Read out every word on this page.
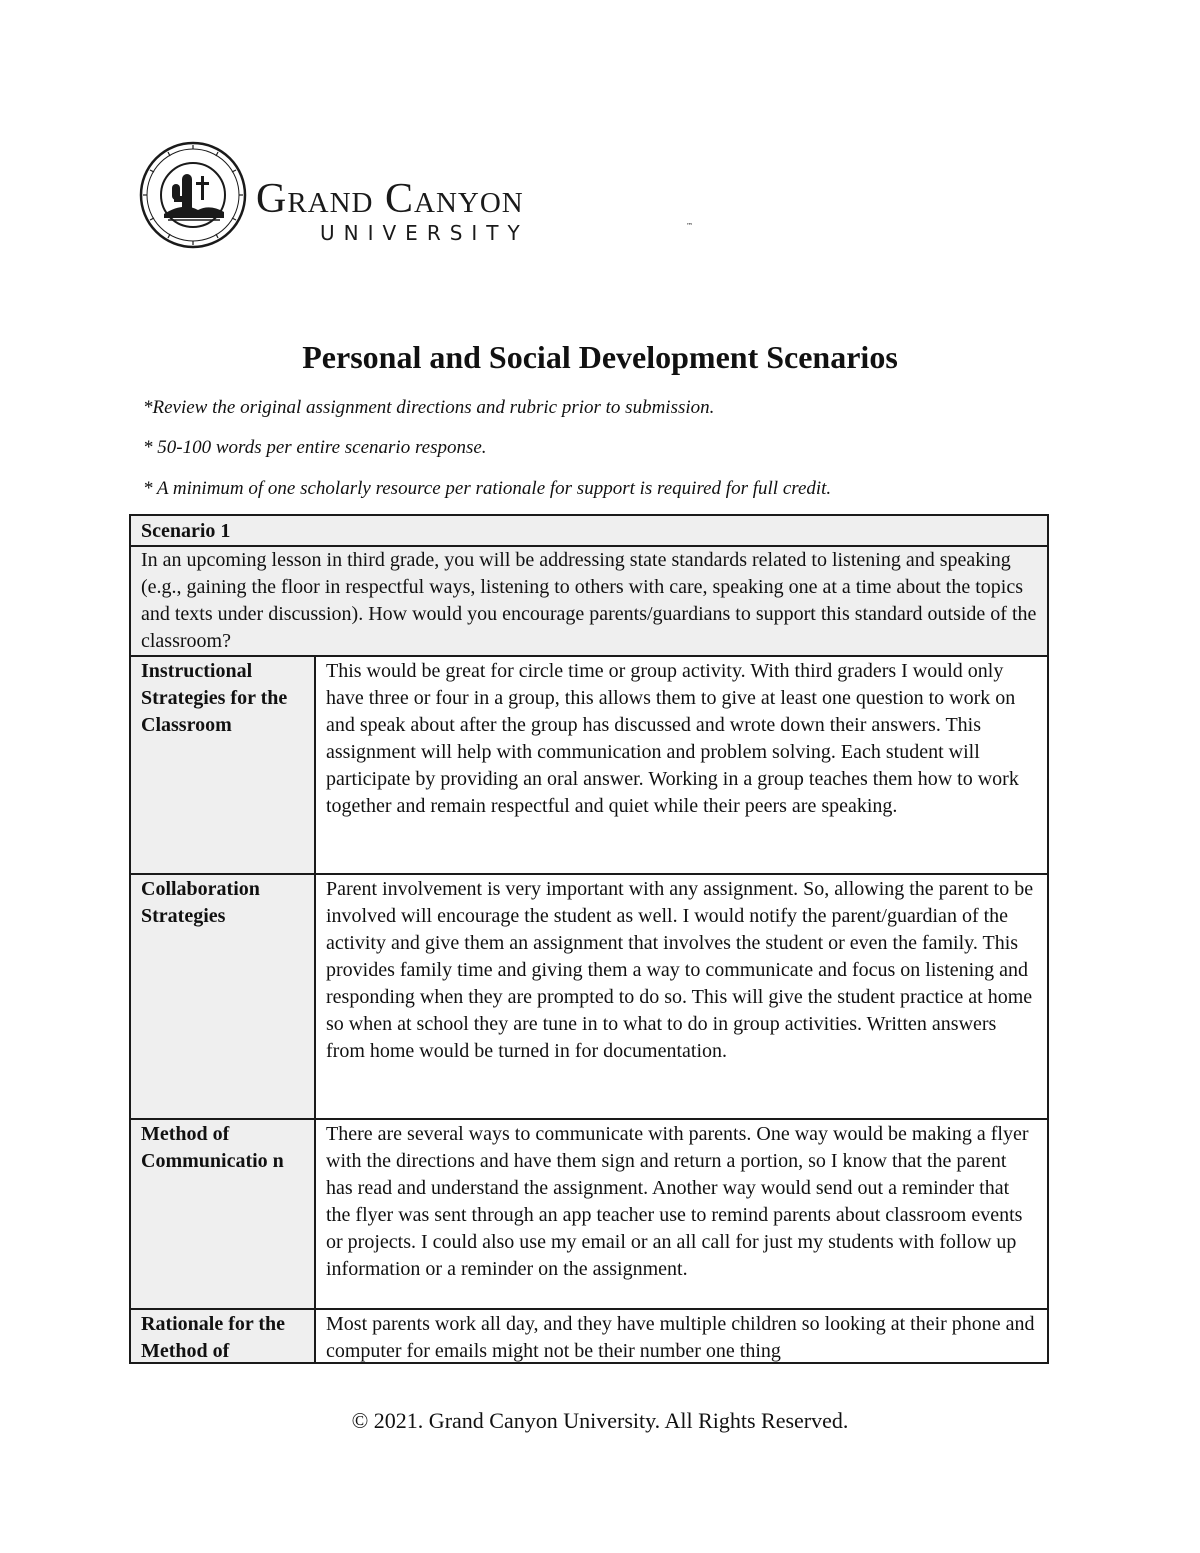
Grand Canyon
UNIVERSITY	™
Personal and Social Development Scenarios
*Review the original assignment directions and rubric prior to submission.
* 50-100 words per entire scenario response.
* A minimum of one scholarly resource per rationale for support is required for full credit.
Scenario 1	
In an upcoming lesson in third grade, you will be addressing state standards related to listening and speaking (e.g., gaining the floor in respectful ways, listening to others with care, speaking one at a time about the topics and texts under discussion). How would you encourage parents/guardians to support this standard outside of the classroom?	
Instructional Strategies for the Classroom	This would be great for circle time or group activity. With third graders I would only have three or four in a group, this allows them to give at least one question to work on and speak about after the group has discussed and wrote down their answers. This assignment will help with communication and problem solving. Each student will participate by providing an oral answer. Working in a group teaches them how to work together and remain respectful and quiet while their peers are speaking.
Collaboration Strategies	Parent involvement is very important with any assignment. So, allowing the parent to be involved will encourage the student as well. I would notify the parent/guardian of the activity and give them an assignment that involves the student or even the family. This provides family time and giving them a way to communicate and focus on listening and responding when they are prompted to do so. This will give the student practice at home so when at school they are tune in to what to do in group activities. Written answers from home would be turned in for documentation.
Method of Communicatio n	There are several ways to communicate with parents. One way would be making a flyer with the directions and have them sign and return a portion, so I know that the parent has read and understand the assignment. Another way would send out a reminder that the flyer was sent through an app teacher use to remind parents about classroom events or projects. I could also use my email or an all call for just my students with follow up information or a reminder on the assignment.

Rationale for the Method of	Most parents work all day, and they have multiple children so looking at their phone and computer for emails might not be their number one thing
© 2021. Grand Canyon University. All Rights Reserved.
